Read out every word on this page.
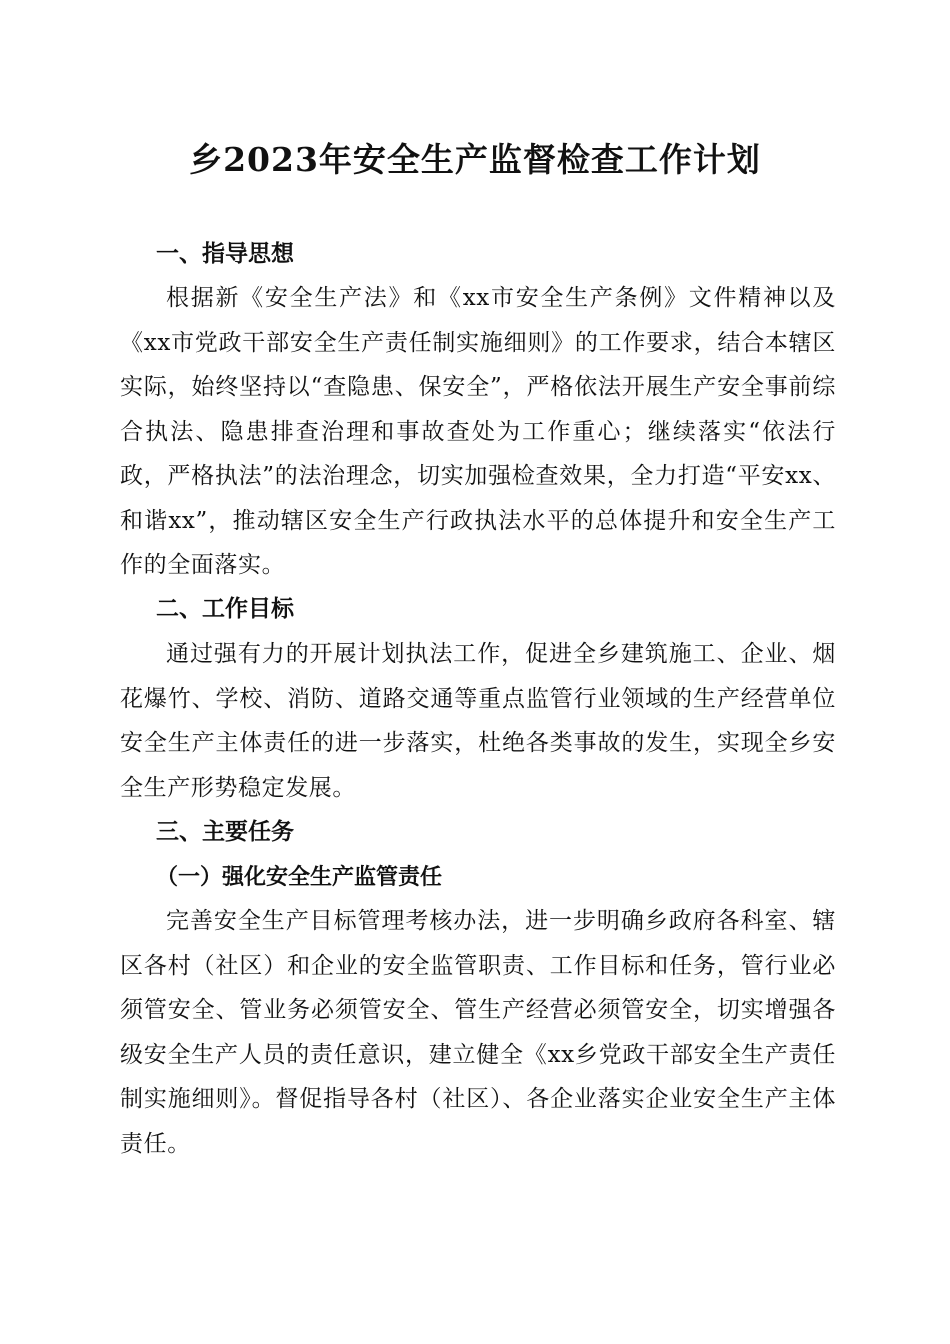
乡2023年安全生产监督检查工作计划
一、指导思想

根据新《安全生产法》和《xx市安全生产条例》文件精神以及《xx市党政干部安全生产责任制实施细则》的工作要求，结合本辖区实际，始终坚持以“查隐患、保安全”，严格依法开展生产安全事前综合执法、隐患排查治理和事故查处为工作重心；继续落实“依法行政，严格执法”的法治理念，切实加强检查效果，全力打造“平安xx、和谐xx”，推动辖区安全生产行政执法水平的总体提升和安全生产工作的全面落实。

二、工作目标

通过强有力的开展计划执法工作，促进全乡建筑施工、企业、烟花爆竹、学校、消防、道路交通等重点监管行业领域的生产经营单位安全生产主体责任的进一步落实，杜绝各类事故的发生，实现全乡安全生产形势稳定发展。

三、主要任务
（一）强化安全生产监管责任

完善安全生产目标管理考核办法，进一步明确乡政府各科室、辖区各村（社区）和企业的安全监管职责、工作目标和任务，管行业必须管安全、管业务必须管安全、管生产经营必须管安全，切实增强各级安全生产人员的责任意识，建立健全《xx乡党政干部安全生产责任制实施细则》。督促指导各村（社区）、各企业落实企业安全生产主体责任。
